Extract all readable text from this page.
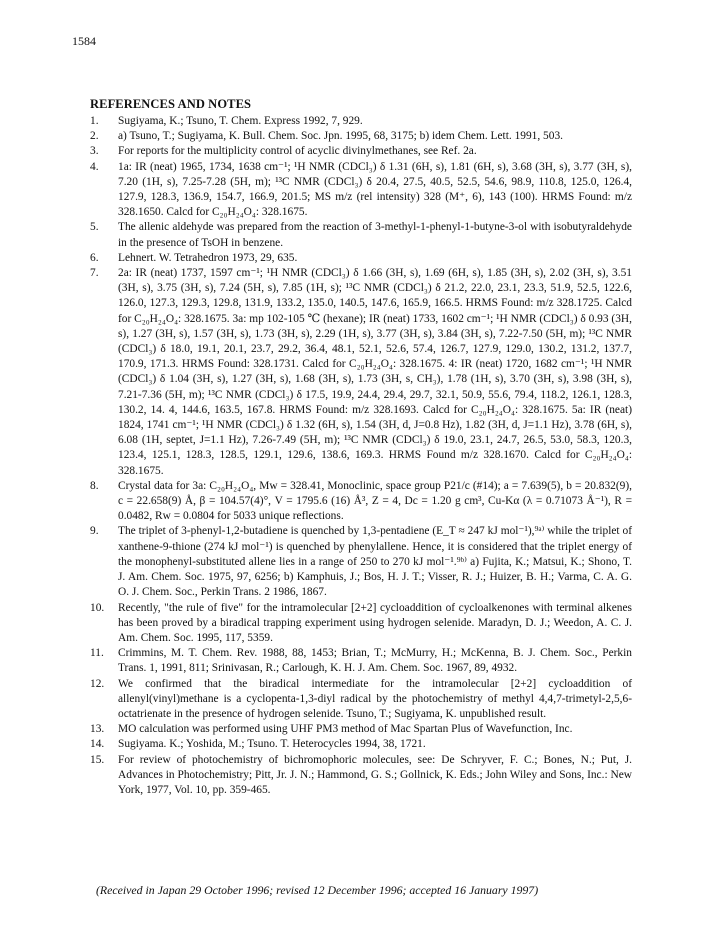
1584
REFERENCES AND NOTES
1.	Sugiyama, K.; Tsuno, T. Chem. Express 1992, 7, 929.
2.	a) Tsuno, T.; Sugiyama, K. Bull. Chem. Soc. Jpn. 1995, 68, 3175; b) idem Chem. Lett. 1991, 503.
3.	For reports for the multiplicity control of acyclic divinylmethanes, see Ref. 2a.
4.	1a: IR (neat) 1965, 1734, 1638 cm⁻¹; ¹H NMR (CDCl₃) δ 1.31 (6H, s), 1.81 (6H, s), 3.68 (3H, s), 3.77 (3H, s), 7.20 (1H, s), 7.25-7.28 (5H, m); ¹³C NMR (CDCl₃) δ 20.4, 27.5, 40.5, 52.5, 54.6, 98.9, 110.8, 125.0, 126.4, 127.9, 128.3, 136.9, 154.7, 166.9, 201.5; MS m/z (rel intensity) 328 (M⁺, 6), 143 (100). HRMS Found: m/z 328.1650. Calcd for C₂₀H₂₄O₄: 328.1675.
5.	The allenic aldehyde was prepared from the reaction of 3-methyl-1-phenyl-1-butyne-3-ol with isobutyraldehyde in the presence of TsOH in benzene.
6.	Lehnert. W. Tetrahedron 1973, 29, 635.
7.	2a: IR (neat) 1737, 1597 cm⁻¹; ¹H NMR (CDCl₃) δ 1.66 (3H, s), 1.69 (6H, s), 1.85 (3H, s), 2.02 (3H, s), 3.51 (3H, s), 3.75 (3H, s), 7.24 (5H, s), 7.85 (1H, s); ¹³C NMR (CDCl₃) δ 21.2, 22.0, 23.1, 23.3, 51.9, 52.5, 122.6, 126.0, 127.3, 129.3, 129.8, 131.9, 133.2, 135.0, 140.5, 147.6, 165.9, 166.5. HRMS Found: m/z 328.1725. Calcd for C₂₀H₂₄O₄: 328.1675. 3a: mp 102-105 ℃ (hexane); IR (neat) 1733, 1602 cm⁻¹; ¹H NMR (CDCl₃) δ 0.93 (3H, s), 1.27 (3H, s), 1.57 (3H, s), 1.73 (3H, s), 2.29 (1H, s), 3.77 (3H, s), 3.84 (3H, s), 7.22-7.50 (5H, m); ¹³C NMR (CDCl₃) δ 18.0, 19.1, 20.1, 23.7, 29.2, 36.4, 48.1, 52.1, 52.6, 57.4, 126.7, 127.9, 129.0, 130.2, 131.2, 137.7, 170.9, 171.3. HRMS Found: 328.1731. Calcd for C₂₀H₂₄O₄: 328.1675. 4: IR (neat) 1720, 1682 cm⁻¹; ¹H NMR (CDCl₃) δ 1.04 (3H, s), 1.27 (3H, s), 1.68 (3H, s), 1.73 (3H, s, CH₃), 1.78 (1H, s), 3.70 (3H, s), 3.98 (3H, s), 7.21-7.36 (5H, m); ¹³C NMR (CDCl₃) δ 17.5, 19.9, 24.4, 29.4, 29.7, 32.1, 50.9, 55.6, 79.4, 118.2, 126.1, 128.3, 130.2, 14. 4, 144.6, 163.5, 167.8. HRMS Found: m/z 328.1693. Calcd for C₂₀H₂₄O₄: 328.1675. 5a: IR (neat) 1824, 1741 cm⁻¹; ¹H NMR (CDCl₃) δ 1.32 (6H, s), 1.54 (3H, d, J=0.8 Hz), 1.82 (3H, d, J=1.1 Hz), 3.78 (6H, s), 6.08 (1H, septet, J=1.1 Hz), 7.26-7.49 (5H, m); ¹³C NMR (CDCl₃) δ 19.0, 23.1, 24.7, 26.5, 53.0, 58.3, 120.3, 123.4, 125.1, 128.3, 128.5, 129.1, 129.6, 138.6, 169.3. HRMS Found m/z 328.1670. Calcd for C₂₀H₂₄O₄: 328.1675.
8.	Crystal data for 3a: C₂₀H₂₄O₄, Mw = 328.41, Monoclinic, space group P21/c (#14); a = 7.639(5), b = 20.832(9), c = 22.658(9) Å, β = 104.57(4)°, V = 1795.6 (16) Å³, Z = 4, Dc = 1.20 g cm³, Cu-Kα (λ = 0.71073 Å⁻¹), R = 0.0482, Rw = 0.0804 for 5033 unique reflections.
9.	The triplet of 3-phenyl-1,2-butadiene is quenched by 1,3-pentadiene (E_T ≈ 247 kJ mol⁻¹),⁹ᵃ⁾ while the triplet of xanthene-9-thione (274 kJ mol⁻¹) is quenched by phenylallene. Hence, it is considered that the triplet energy of the monophenyl-substituted allene lies in a range of 250 to 270 kJ mol⁻¹.⁹ᵇ⁾ a) Fujita, K.; Matsui, K.; Shono, T. J. Am. Chem. Soc. 1975, 97, 6256; b) Kamphuis, J.; Bos, H. J. T.; Visser, R. J.; Huizer, B. H.; Varma, C. A. G. O. J. Chem. Soc., Perkin Trans. 2 1986, 1867.
10.	Recently, "the rule of five" for the intramolecular [2+2] cycloaddition of cycloalkenones with terminal alkenes has been proved by a biradical trapping experiment using hydrogen selenide. Maradyn, D. J.; Weedon, A. C. J. Am. Chem. Soc. 1995, 117, 5359.
11.	Crimmins, M. T. Chem. Rev. 1988, 88, 1453; Brian, T.; McMurry, H.; McKenna, B. J. Chem. Soc., Perkin Trans. 1, 1991, 811; Srinivasan, R.; Carlough, K. H. J. Am. Chem. Soc. 1967, 89, 4932.
12.	We confirmed that the biradical intermediate for the intramolecular [2+2] cycloaddition of allenyl(vinyl)methane is a cyclopenta-1,3-diyl radical by the photochemistry of methyl 4,4,7-trimetyl-2,5,6-octatrienate in the presence of hydrogen selenide. Tsuno, T.; Sugiyama, K. unpublished result.
13.	MO calculation was performed using UHF PM3 method of Mac Spartan Plus of Wavefunction, Inc.
14.	Sugiyama. K.; Yoshida, M.; Tsuno. T. Heterocycles 1994, 38, 1721.
15.	For review of photochemistry of bichromophoric molecules, see: De Schryver, F. C.; Bones, N.; Put, J. Advances in Photochemistry; Pitt, Jr. J. N.; Hammond, G. S.; Gollnick, K. Eds.; John Wiley and Sons, Inc.: New York, 1977, Vol. 10, pp. 359-465.
(Received in Japan 29 October 1996; revised 12 December 1996; accepted 16 January 1997)
